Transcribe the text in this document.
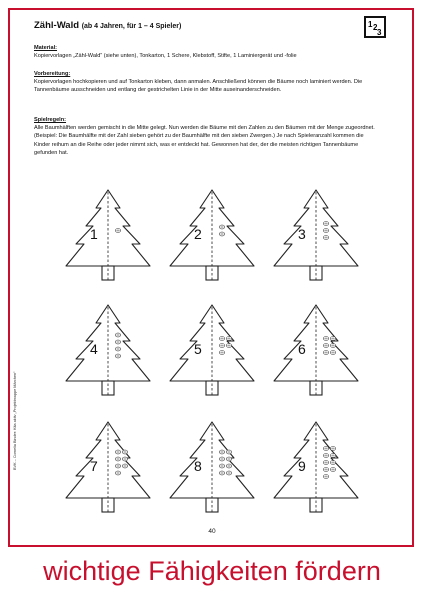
Zähl-Wald (ab 4 Jahren, für 1 – 4 Spieler)	1 2
3
Material:
Kopiervorlagen „Zähl-Wald“ (siehe unten), Tonkarton, 1 Schere, Klebstoff, Stifte, 1 Laminiergerät und -folie
Vorbereitung:
Kopiervorlagen hochkopieren und auf Tonkarton kleben, dann anmalen. Anschließend können die Bäume noch laminiert werden. Die Tannenbäume ausschneiden und entlang der gestrichelten Linie in der Mitte auseinanderschneiden.
Spielregeln:
Alle Baumhälften werden gemischt in die Mitte gelegt. Nun werden die Bäume mit den Zahlen zu den Bäumen mit der Menge zugeordnet. (Beispiel: Die Baumhälfte mit der Zahl sieben gehört zu der Baumhälfte mit den sieben Zwergen.) Je nach Spieleranzahl kommen die Kinder reihum an die Reihe oder jeder nimmt sich, was er entdeckt hat. Gewonnen hat der, der die meisten richtigen Tannenbäume gefunden hat.
1	2	3
4	5	6
7	8	9
BVK – Cornelia Binder: Kita aktiv „Projektmappe Märchen“
40
wichtige Fähigkeiten fördern
